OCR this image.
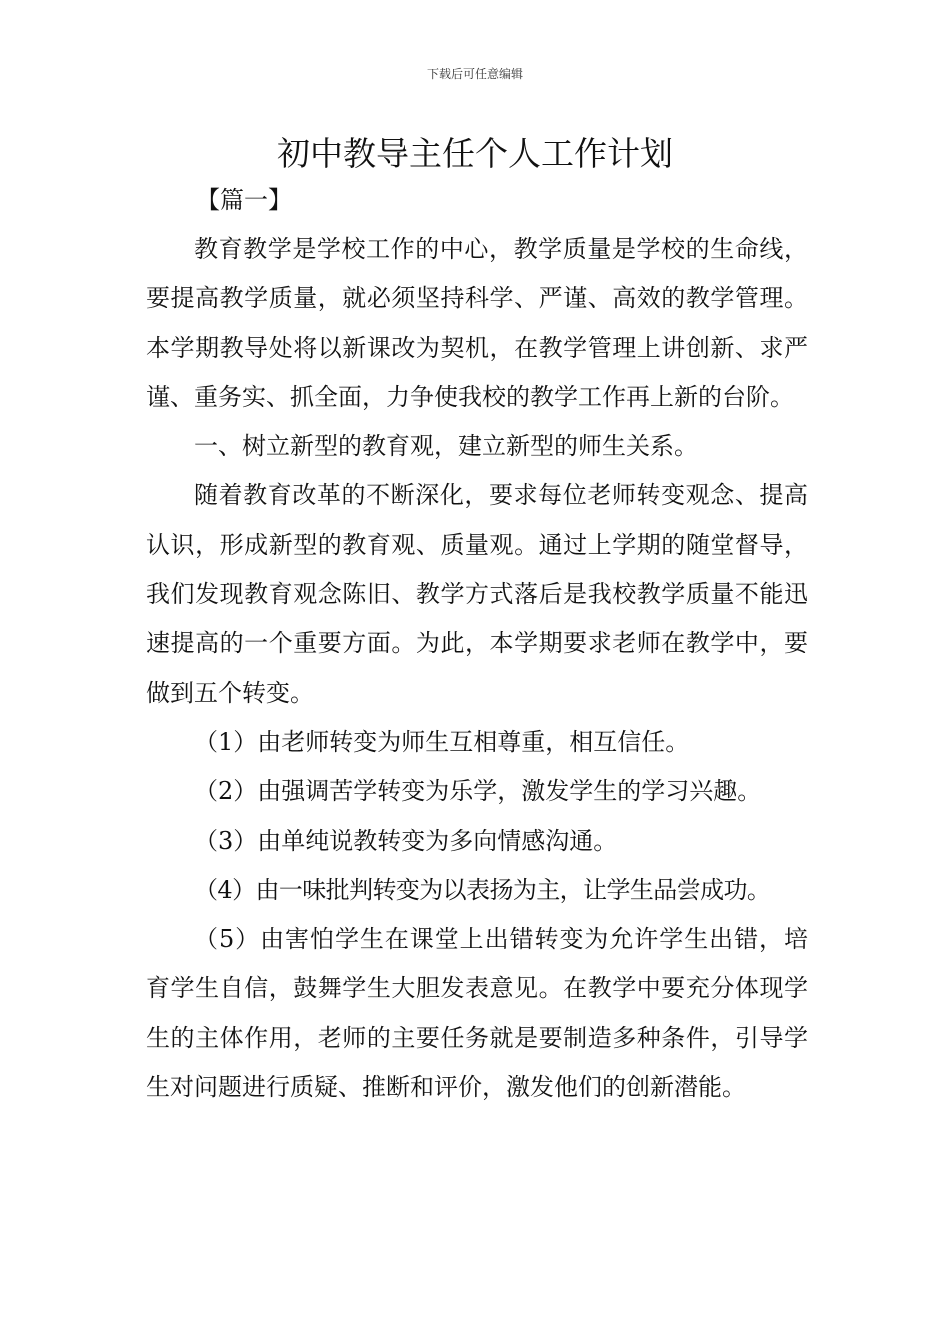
下载后可任意编辑
初中教导主任个人工作计划
【篇一】

教育教学是学校工作的中心，教学质量是学校的生命线，要提高教学质量，就必须坚持科学、严谨、高效的教学管理。本学期教导处将以新课改为契机，在教学管理上讲创新、求严谨、重务实、抓全面，力争使我校的教学工作再上新的台阶。

一、树立新型的教育观，建立新型的师生关系。

随着教育改革的不断深化，要求每位老师转变观念、提高认识，形成新型的教育观、质量观。通过上学期的随堂督导，我们发现教育观念陈旧、教学方式落后是我校教学质量不能迅速提高的一个重要方面。为此，本学期要求老师在教学中，要做到五个转变。

（1）由老师转变为师生互相尊重，相互信任。

（2）由强调苦学转变为乐学，激发学生的学习兴趣。

（3）由单纯说教转变为多向情感沟通。

（4）由一味批判转变为以表扬为主，让学生品尝成功。

（5）由害怕学生在课堂上出错转变为允许学生出错，培育学生自信，鼓舞学生大胆发表意见。在教学中要充分体现学生的主体作用，老师的主要任务就是要制造多种条件，引导学生对问题进行质疑、推断和评价，激发他们的创新潜能。
